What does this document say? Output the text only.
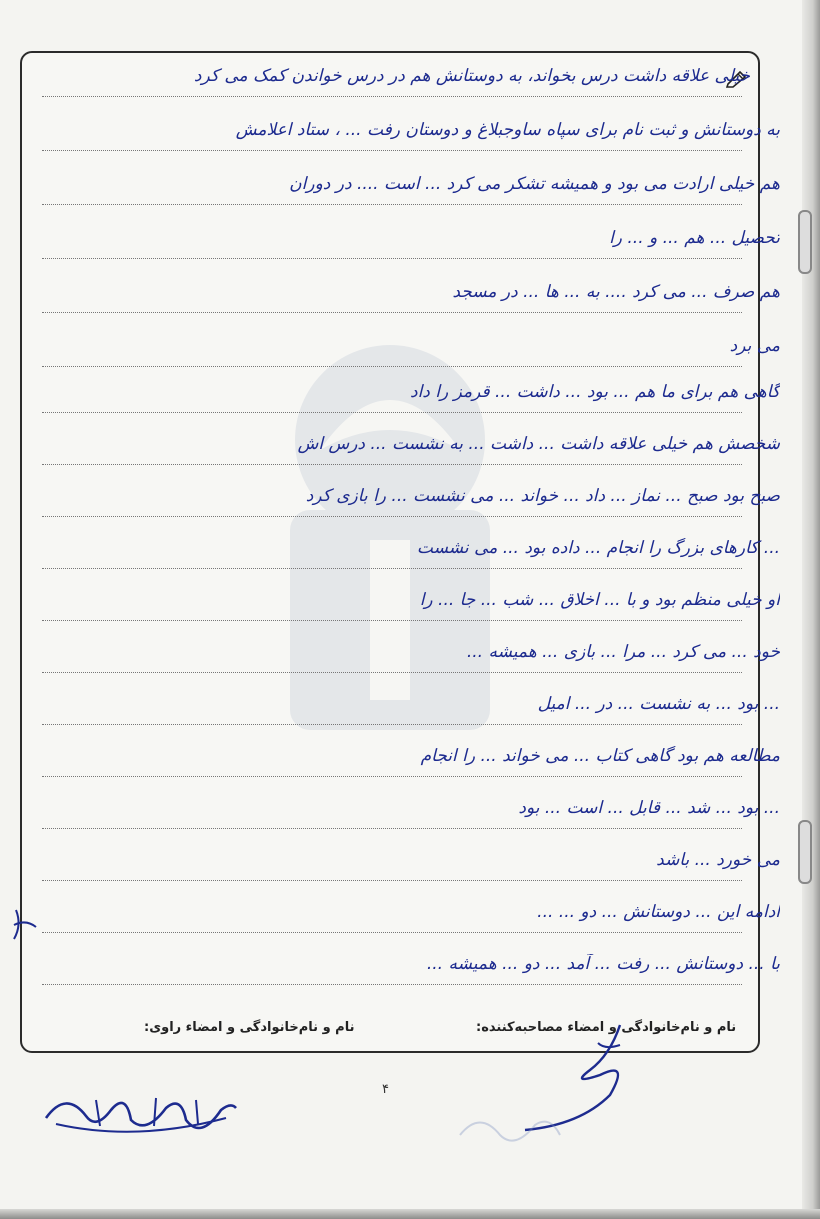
خیلی علاقه داشت درس بخواند، به دوستانش هم در درس خواندن کمک می کرد
به دوستانش و ثبت نام برای سپاه ساوجبلاغ و دوستان رفت ... ، ستاد اعلامش
هم خیلی ارادت می بود و همیشه تشکر می کرد ... است .... در دوران
تحصیل ... هم ... و ... را
هم صرف ... می کرد .... به ... ها ... در مسجد
می برد
گاهی هم برای ما هم ... بود ... داشت ... قرمز را داد
شخصش هم خیلی علاقه داشت ... داشت ... به نشست ... درس اش
صبح بود صبح ... نماز ... داد ... خواند ... می نشست ... را بازی کرد
... کارهای بزرگ را انجام ... داده بود ... می نشست
او خیلی منظم بود و با ... اخلاق ... شب ... جا ... را
خود ... می کرد ... مرا ... بازی ... همیشه ...
... بود ... به نشست ... در ... امیل
مطالعه هم بود گاهی کتاب ... می خواند ... را انجام
... بود ... شد ... قابل ... است ... بود
می خورد ... باشد
ادامه این ... دوستانش ... دو ... ...
با ... دوستانش ... رفت ... آمد ... دو ... همیشه ...
نام و نام‌خانوادگی و امضاء مصاحبه‌کننده:
نام و نام‌خانوادگی و امضاء راوی:
۴
